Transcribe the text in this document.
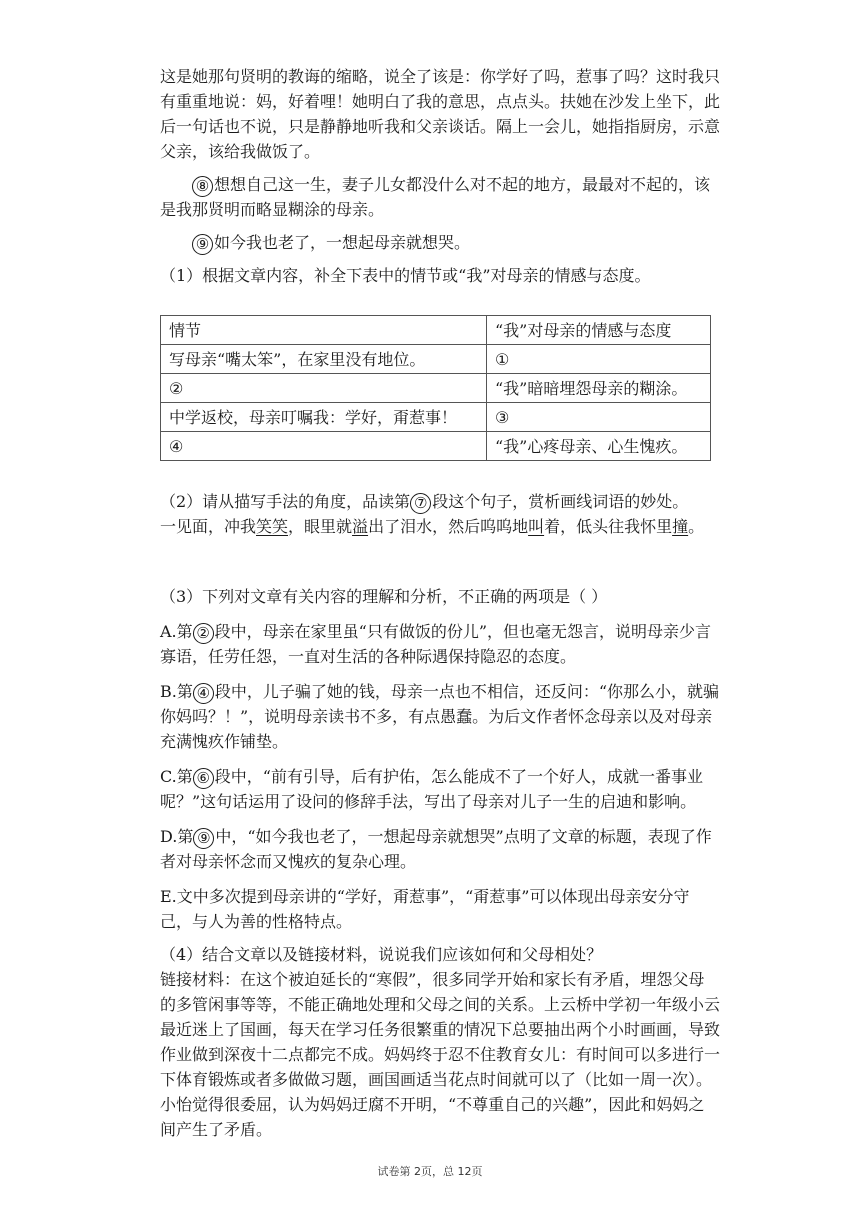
这是她那句贤明的教诲的缩略，说全了该是：你学好了吗，惹事了吗？这时我只有重重地说：妈，好着哩！她明白了我的意思，点点头。扶她在沙发上坐下，此后一句话也不说，只是静静地听我和父亲谈话。隔上一会儿，她指指厨房，示意父亲，该给我做饭了。

⑧ 想想自己这一生，妻子儿女都没什么对不起的地方，最最对不起的，该是我那贤明而略显糊涂的母亲。

⑨ 如今我也老了，一想起母亲就想哭。

（1）根据文章内容，补全下表中的情节或“我”对母亲的情感与态度。

情节	“我”对母亲的情感与态度
写母亲“嘴太笨”，在家里没有地位。	①
②	“我”暗暗埋怨母亲的糊涂。
中学返校，母亲叮嘱我：学好，甭惹事！	③
④	“我”心疼母亲、心生愧疚。

（2）请从描写手法的角度，品读第 ⑦ 段这个句子，赏析画线词语的妙处。

一见面，冲我笑笑，眼里就溢出了泪水，然后呜呜地叫着，低头往我怀里撞。

（3）下列对文章有关内容的理解和分析，不正确的两项是（ ）

A.第 ② 段中，母亲在家里虽“只有做饭的份儿”，但也毫无怨言，说明母亲少言寡语，任劳任怨，一直对生活的各种际遇保持隐忍的态度。

B.第 ④ 段中，儿子骗了她的钱，母亲一点也不相信，还反问：“你那么小，就骗你妈吗？！”，说明母亲读书不多，有点愚蠢。为后文作者怀念母亲以及对母亲充满愧疚作铺垫。

C.第 ⑥ 段中，“前有引导，后有护佑，怎么能成不了一个好人，成就一番事业呢？”这句话运用了设问的修辞手法，写出了母亲对儿子一生的启迪和影响。

D.第 ⑨ 中，“如今我也老了，一想起母亲就想哭”点明了文章的标题，表现了作者对母亲怀念而又愧疚的复杂心理。

E.文中多次提到母亲讲的“学好，甭惹事”，“甭惹事”可以体现出母亲安分守己，与人为善的性格特点。

（4）结合文章以及链接材料，说说我们应该如何和父母相处？

链接材料：在这个被迫延长的“寒假”，很多同学开始和家长有矛盾，埋怨父母的多管闲事等等，不能正确地处理和父母之间的关系。上云桥中学初一年级小云最近迷上了国画，每天在学习任务很繁重的情况下总要抽出两个小时画画，导致作业做到深夜十二点都完不成。妈妈终于忍不住教育女儿：有时间可以多进行一下体育锻炼或者多做做习题，画国画适当花点时间就可以了（比如一周一次）。小怡觉得很委屈，认为妈妈迂腐不开明，“不尊重自己的兴趣”，因此和妈妈之间产生了矛盾。

试卷第 2页，总 12页
